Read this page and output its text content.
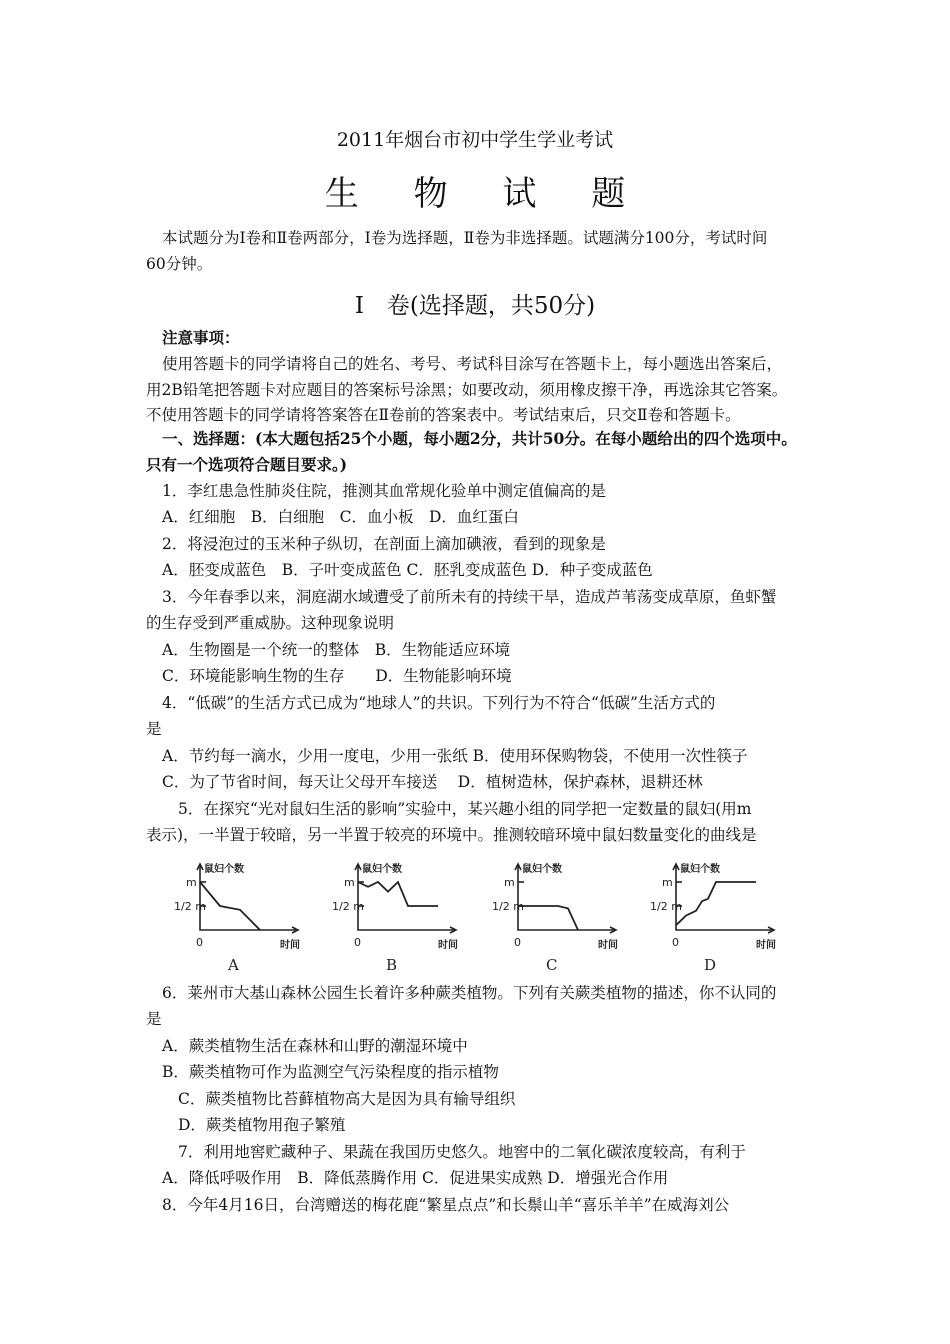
2011年烟台市初中学生学业考试
生 物 试 题
本试题分为Ⅰ卷和Ⅱ卷两部分，Ⅰ卷为选择题，Ⅱ卷为非选择题。试题满分100分，考试时间
60分钟。
Ⅰ　卷(选择题，共50分)
注意事项：
使用答题卡的同学请将自己的姓名、考号、考试科目涂写在答题卡上，每小题选出答案后，
用2B铅笔把答题卡对应题目的答案标号涂黑；如要改动，须用橡皮擦干净，再选涂其它答案。
不使用答题卡的同学请将答案答在Ⅱ卷前的答案表中。考试结束后，只交Ⅱ卷和答题卡。
一、选择题：(本大题包括25个小题，每小题2分，共计50分。在每小题给出的四个选项中。
只有一个选项符合题目要求。)
1．李红患急性肺炎住院，推测其血常规化验单中测定值偏高的是
A．红细胞　B．白细胞　C．血小板　D．血红蛋白
2．将浸泡过的玉米种子纵切，在剖面上滴加碘液，看到的现象是
A．胚变成蓝色　B．子叶变成蓝色 C．胚乳变成蓝色 D．种子变成蓝色
3．今年春季以来，洞庭湖水域遭受了前所未有的持续干旱，造成芦苇荡变成草原，鱼虾蟹
的生存受到严重威胁。这种现象说明
A．生物圈是一个统一的整体　B．生物能适应环境
C．环境能影响生物的生存　　D．生物能影响环境
4．“低碳”的生活方式已成为“地球人”的共识。下列行为不符合“低碳”生活方式的
是
A．节约每一滴水，少用一度电，少用一张纸 B．使用环保购物袋，不使用一次性筷子
C．为了节省时间，每天让父母开车接送　 D．植树造林，保护森林，退耕还林
5．在探究“光对鼠妇生活的影响”实验中，某兴趣小组的同学把一定数量的鼠妇(用m
表示)，一半置于较暗，另一半置于较亮的环境中。推测较暗环境中鼠妇数量变化的曲线是
鼠妇个数
m
1/2 m
0	时间
A
鼠妇个数
m
1/2 m
0	时间
B
鼠妇个数
m
1/2 m
0	时间
C
鼠妇个数
m
1/2 m
0	时间
D
6．莱州市大基山森林公园生长着许多种蕨类植物。下列有关蕨类植物的描述，你不认同的
是
A．蕨类植物生活在森林和山野的潮湿环境中
B．蕨类植物可作为监测空气污染程度的指示植物
C．蕨类植物比苔藓植物高大是因为具有输导组织
D．蕨类植物用孢子繁殖
7．利用地窖贮藏种子、果蔬在我国历史悠久。地窖中的二氧化碳浓度较高，有利于
A．降低呼吸作用　B．降低蒸腾作用 C．促进果实成熟 D．增强光合作用
8．今年4月16日，台湾赠送的梅花鹿“繁星点点”和长鬃山羊“喜乐羊羊”在威海刘公
